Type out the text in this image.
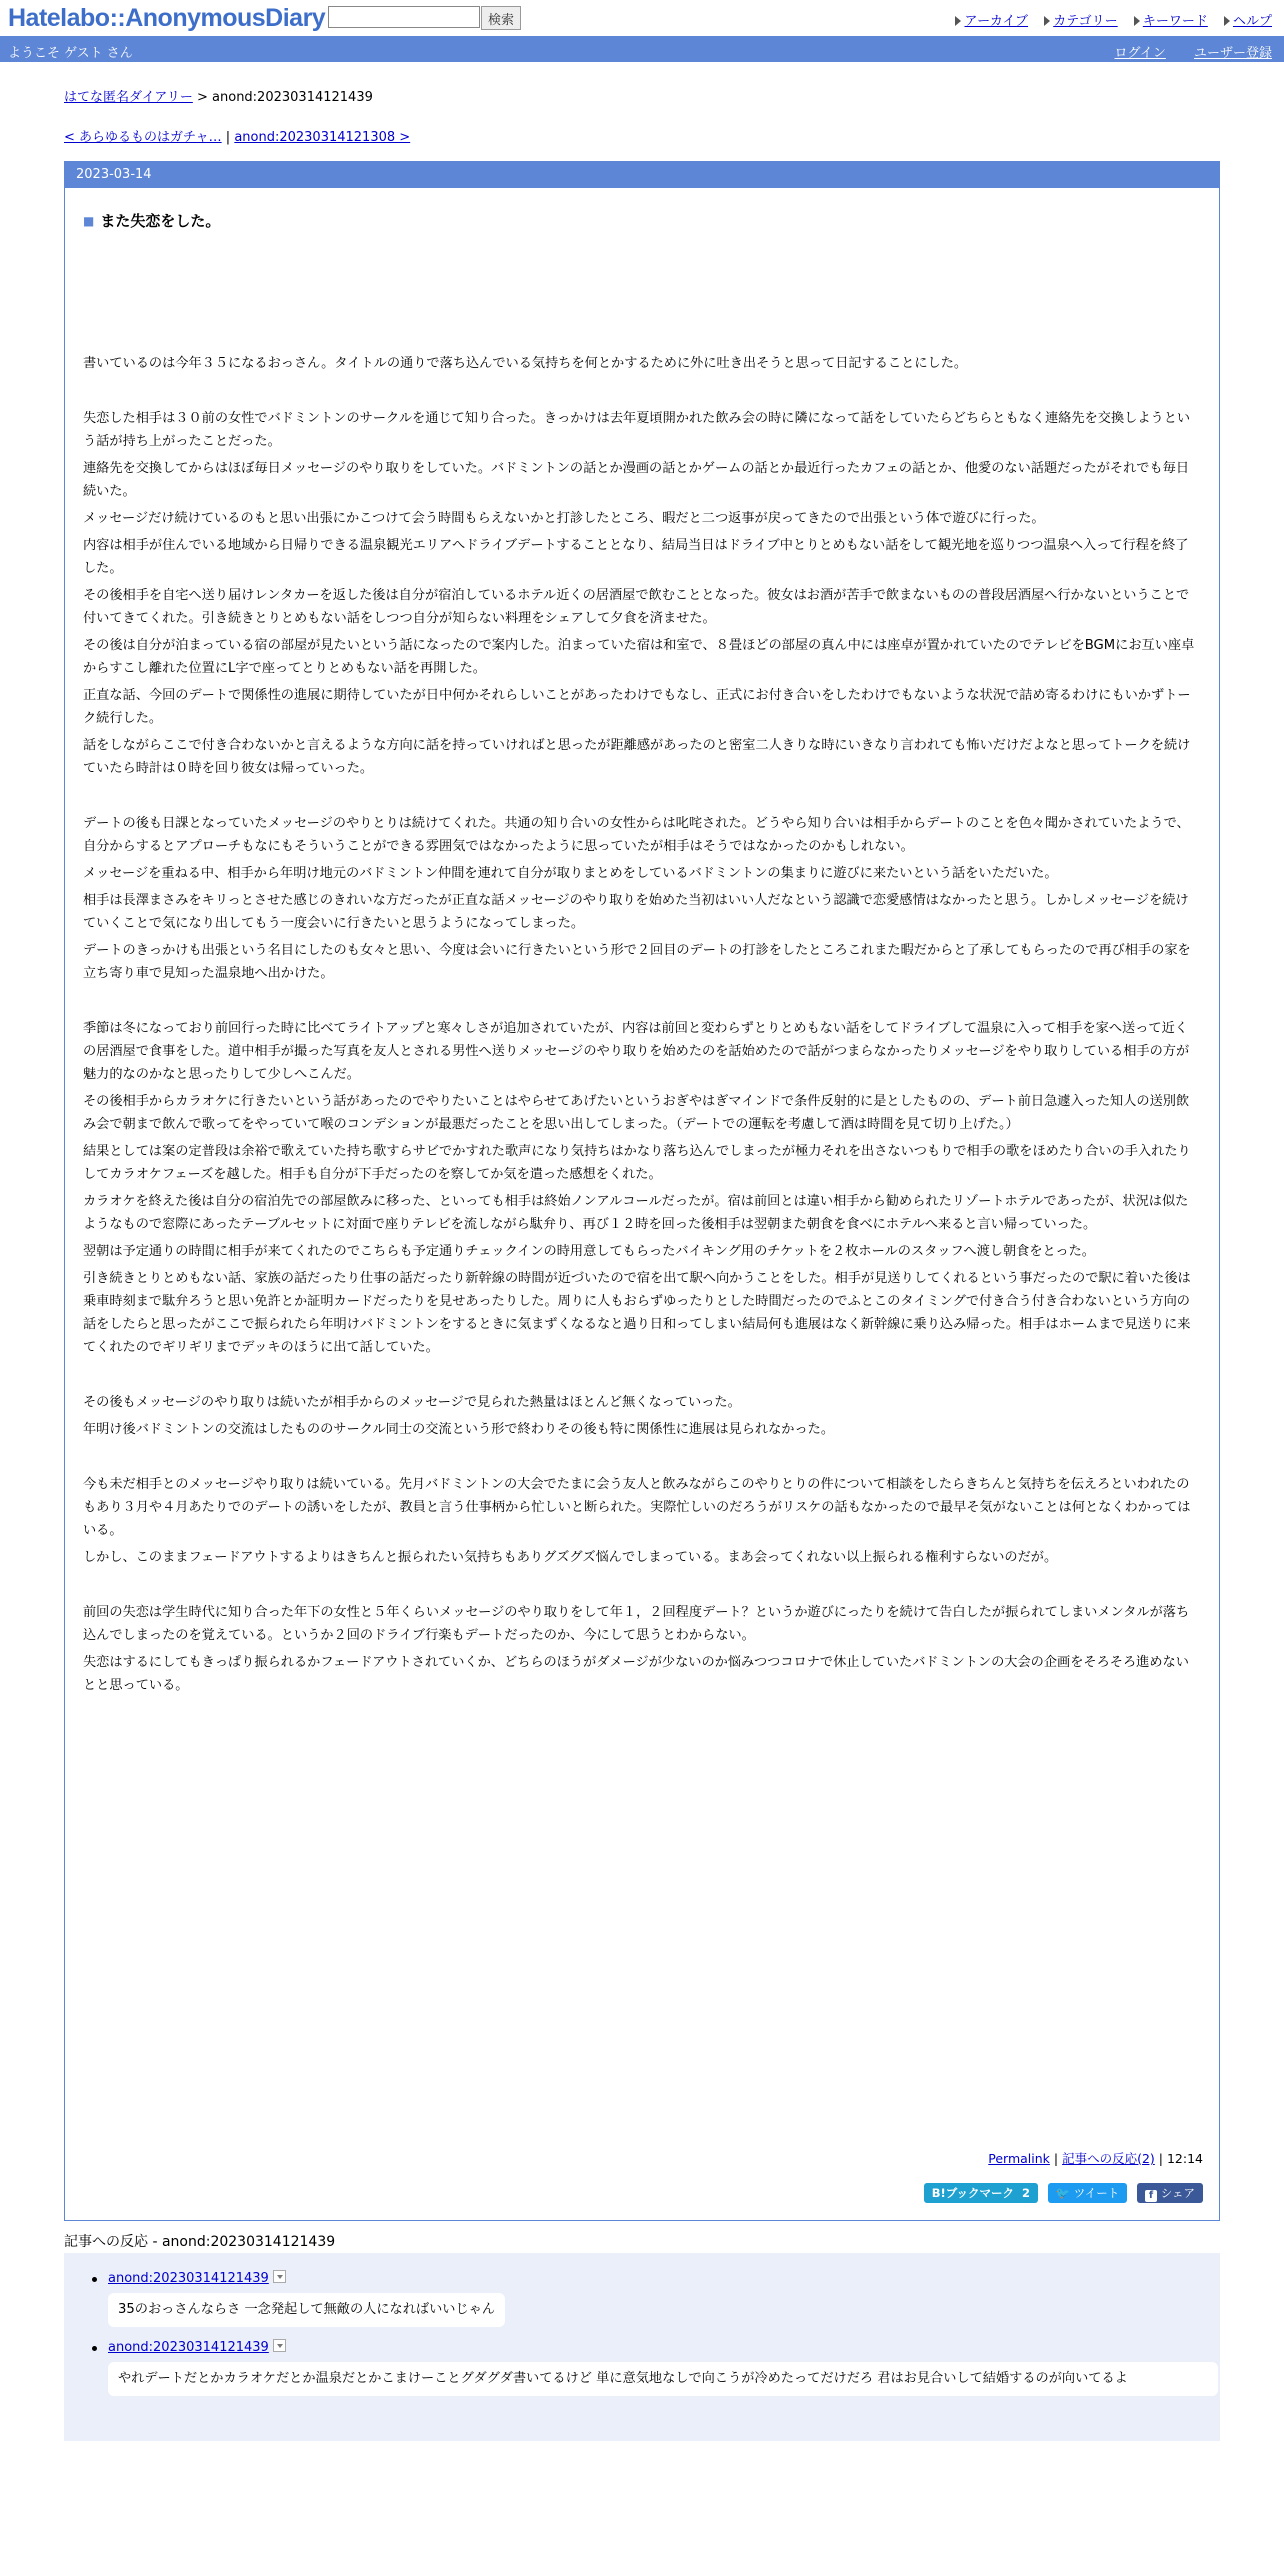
Hatelabo::AnonymousDiary	検索	アーカイブ カテゴリー キーワード ヘルプ
ようこそ ゲスト さん	ログイン ユーザー登録
はてな匿名ダイアリー > anond:20230314121439
< あらゆるものはガチャ… | anond:20230314121308 >
2023-03-14
■ また失恋をした。

書いているのは今年３５になるおっさん。タイトルの通りで落ち込んでいる気持ちを何とかするために外に吐き出そうと思って日記することにした。

失恋した相手は３０前の女性でバドミントンのサークルを通じて知り合った。きっかけは去年夏頃開かれた飲み会の時に隣になって話をしていたらどちらともなく連絡先を交換しようという話が持ち上がったことだった。

連絡先を交換してからはほぼ毎日メッセージのやり取りをしていた。バドミントンの話とか漫画の話とかゲームの話とか最近行ったカフェの話とか、他愛のない話題だったがそれでも毎日続いた。

メッセージだけ続けているのもと思い出張にかこつけて会う時間もらえないかと打診したところ、暇だと二つ返事が戻ってきたので出張という体で遊びに行った。

内容は相手が住んでいる地域から日帰りできる温泉観光エリアへドライブデートすることとなり、結局当日はドライブ中とりとめもない話をして観光地を巡りつつ温泉へ入って行程を終了した。

その後相手を自宅へ送り届けレンタカーを返した後は自分が宿泊しているホテル近くの居酒屋で飲むこととなった。彼女はお酒が苦手で飲まないものの普段居酒屋へ行かないということで付いてきてくれた。引き続きとりとめもない話をしつつ自分が知らない料理をシェアして夕食を済ませた。

その後は自分が泊まっている宿の部屋が見たいという話になったので案内した。泊まっていた宿は和室で、８畳ほどの部屋の真ん中には座卓が置かれていたのでテレビをBGMにお互い座卓からすこし離れた位置にL字で座ってとりとめもない話を再開した。

正直な話、今回のデートで関係性の進展に期待していたが日中何かそれらしいことがあったわけでもなし、正式にお付き合いをしたわけでもないような状況で詰め寄るわけにもいかずトーク続行した。

話をしながらここで付き合わないかと言えるような方向に話を持っていければと思ったが距離感があったのと密室二人きりな時にいきなり言われても怖いだけだよなと思ってトークを続けていたら時計は０時を回り彼女は帰っていった。

デートの後も日課となっていたメッセージのやりとりは続けてくれた。共通の知り合いの女性からは叱咤された。どうやら知り合いは相手からデートのことを色々聞かされていたようで、自分からするとアプローチもなにもそういうことができる雰囲気ではなかったように思っていたが相手はそうではなかったのかもしれない。

メッセージを重ねる中、相手から年明け地元のバドミントン仲間を連れて自分が取りまとめをしているバドミントンの集まりに遊びに来たいという話をいただいた。

相手は長澤まさみをキリっとさせた感じのきれいな方だったが正直な話メッセージのやり取りを始めた当初はいい人だなという認識で恋愛感情はなかったと思う。しかしメッセージを続けていくことで気になり出してもう一度会いに行きたいと思うようになってしまった。

デートのきっかけも出張という名目にしたのも女々と思い、今度は会いに行きたいという形で２回目のデートの打診をしたところこれまた暇だからと了承してもらったので再び相手の家を立ち寄り車で見知った温泉地へ出かけた。

季節は冬になっており前回行った時に比べてライトアップと寒々しさが追加されていたが、内容は前回と変わらずとりとめもない話をしてドライブして温泉に入って相手を家へ送って近くの居酒屋で食事をした。道中相手が撮った写真を友人とされる男性へ送りメッセージのやり取りを始めたのを話始めたので話がつまらなかったりメッセージをやり取りしている相手の方が魅力的なのかなと思ったりして少しへこんだ。

その後相手からカラオケに行きたいという話があったのでやりたいことはやらせてあげたいというおぎやはぎマインドで条件反射的に是としたものの、デート前日急遽入った知人の送別飲み会で朝まで飲んで歌ってをやっていて喉のコンデションが最悪だったことを思い出してしまった。（デートでの運転を考慮して酒は時間を見て切り上げた。）

結果としては案の定普段は余裕で歌えていた持ち歌すらサビでかすれた歌声になり気持ちはかなり落ち込んでしまったが極力それを出さないつもりで相手の歌をほめたり合いの手入れたりしてカラオケフェーズを越した。相手も自分が下手だったのを察してか気を遣った感想をくれた。

カラオケを終えた後は自分の宿泊先での部屋飲みに移った、といっても相手は終始ノンアルコールだったが。宿は前回とは違い相手から勧められたリゾートホテルであったが、状況は似たようなもので窓際にあったテーブルセットに対面で座りテレビを流しながら駄弁り、再び１２時を回った後相手は翌朝また朝食を食べにホテルへ来ると言い帰っていった。

翌朝は予定通りの時間に相手が来てくれたのでこちらも予定通りチェックインの時用意してもらったバイキング用のチケットを２枚ホールのスタッフへ渡し朝食をとった。

引き続きとりとめもない話、家族の話だったり仕事の話だったり新幹線の時間が近づいたので宿を出て駅へ向かうことをした。相手が見送りしてくれるという事だったので駅に着いた後は乗車時刻まで駄弁ろうと思い免許とか証明カードだったりを見せあったりした。周りに人もおらずゆったりとした時間だったのでふとこのタイミングで付き合う付き合わないという方向の話をしたらと思ったがここで振られたら年明けバドミントンをするときに気まずくなるなと過り日和ってしまい結局何も進展はなく新幹線に乗り込み帰った。相手はホームまで見送りに来てくれたのでギリギリまでデッキのほうに出て話していた。

その後もメッセージのやり取りは続いたが相手からのメッセージで見られた熱量はほとんど無くなっていった。

年明け後バドミントンの交流はしたもののサークル同士の交流という形で終わりその後も特に関係性に進展は見られなかった。

今も未だ相手とのメッセージやり取りは続いている。先月バドミントンの大会でたまに会う友人と飲みながらこのやりとりの件について相談をしたらきちんと気持ちを伝えろといわれたのもあり３月や４月あたりでのデートの誘いをしたが、教員と言う仕事柄から忙しいと断られた。実際忙しいのだろうがリスケの話もなかったので最早そ気がないことは何となくわかってはいる。

しかし、このままフェードアウトするよりはきちんと振られたい気持ちもありグズグズ悩んでしまっている。まあ会ってくれない以上振られる権利すらないのだが。

前回の失恋は学生時代に知り合った年下の女性と５年くらいメッセージのやり取りをして年１，２回程度デート？というか遊びにったりを続けて告白したが振られてしまいメンタルが落ち込んでしまったのを覚えている。というか２回のドライブ行楽もデートだったのか、今にして思うとわからない。

失恋はするにしてもきっぱり振られるかフェードアウトされていくか、どちらのほうがダメージが少ないのか悩みつつコロナで休止していたバドミントンの大会の企画をそろそろ進めないとと思っている。

Permalink | 記事への反応(2) | 12:14
B!ブックマーク 2 🐦 ツイート	f シェア
記事への反応 - anond:20230314121439
anond:20230314121439
35のおっさんならさ 一念発起して無敵の人になればいいじゃん
anond:20230314121439
やれデートだとかカラオケだとか温泉だとかこまけーことグダグダ書いてるけど 単に意気地なしで向こうが冷めたってだけだろ 君はお見合いして結婚するのが向いてるよ
